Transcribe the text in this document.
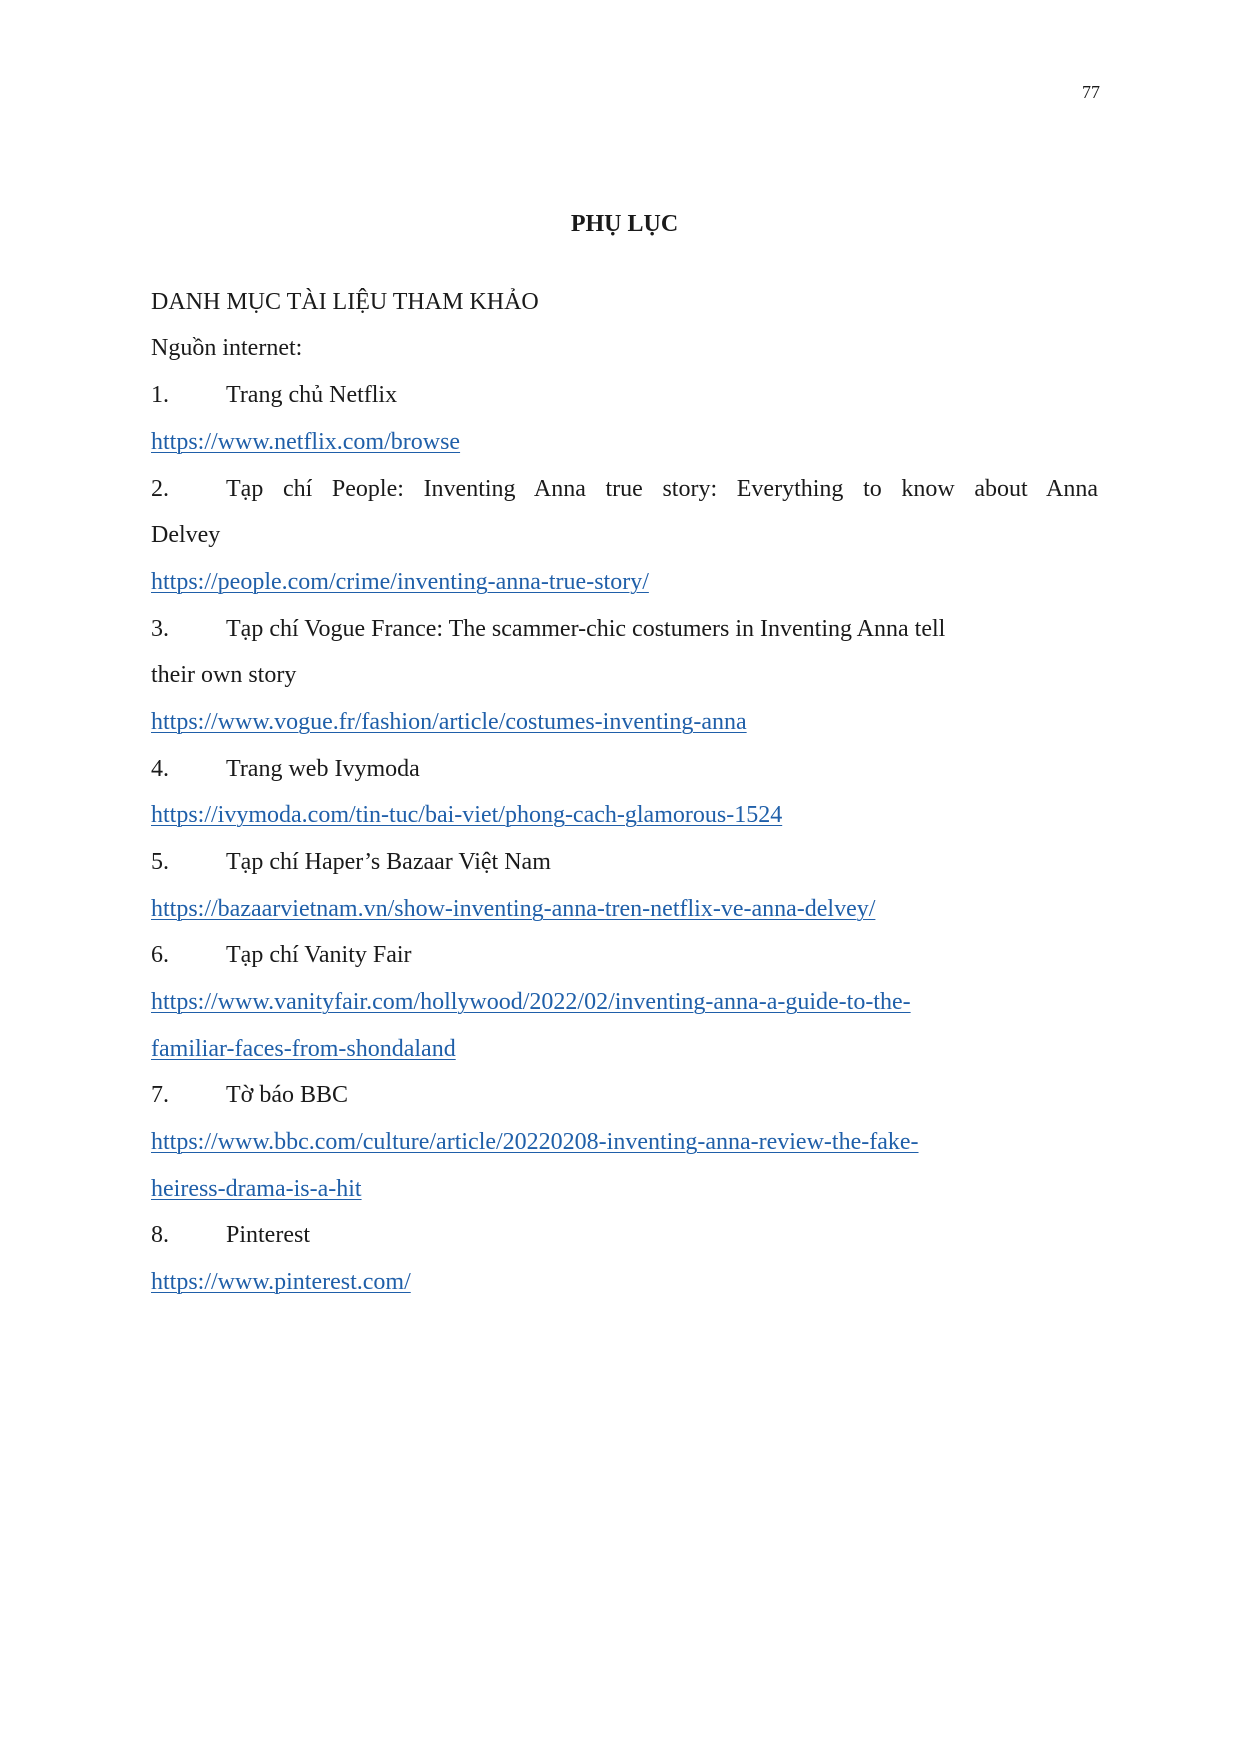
77
PHỤ LỤC
DANH MỤC TÀI LIỆU THAM KHẢO
Nguồn internet:
1. Trang chủ Netflix
https://www.netflix.com/browse
2. Tạp chí People: Inventing Anna true story: Everything to know about Anna
Delvey
https://people.com/crime/inventing-anna-true-story/
3. Tạp chí Vogue France: The scammer-chic costumers in Inventing Anna tell
their own story
https://www.vogue.fr/fashion/article/costumes-inventing-anna
4. Trang web Ivymoda
https://ivymoda.com/tin-tuc/bai-viet/phong-cach-glamorous-1524
5. Tạp chí Haper’s Bazaar Việt Nam
https://bazaarvietnam.vn/show-inventing-anna-tren-netflix-ve-anna-delvey/
6. Tạp chí Vanity Fair
https://www.vanityfair.com/hollywood/2022/02/inventing-anna-a-guide-to-the-
familiar-faces-from-shondaland
7. Tờ báo BBC
https://www.bbc.com/culture/article/20220208-inventing-anna-review-the-fake-
heiress-drama-is-a-hit
8. Pinterest
https://www.pinterest.com/
